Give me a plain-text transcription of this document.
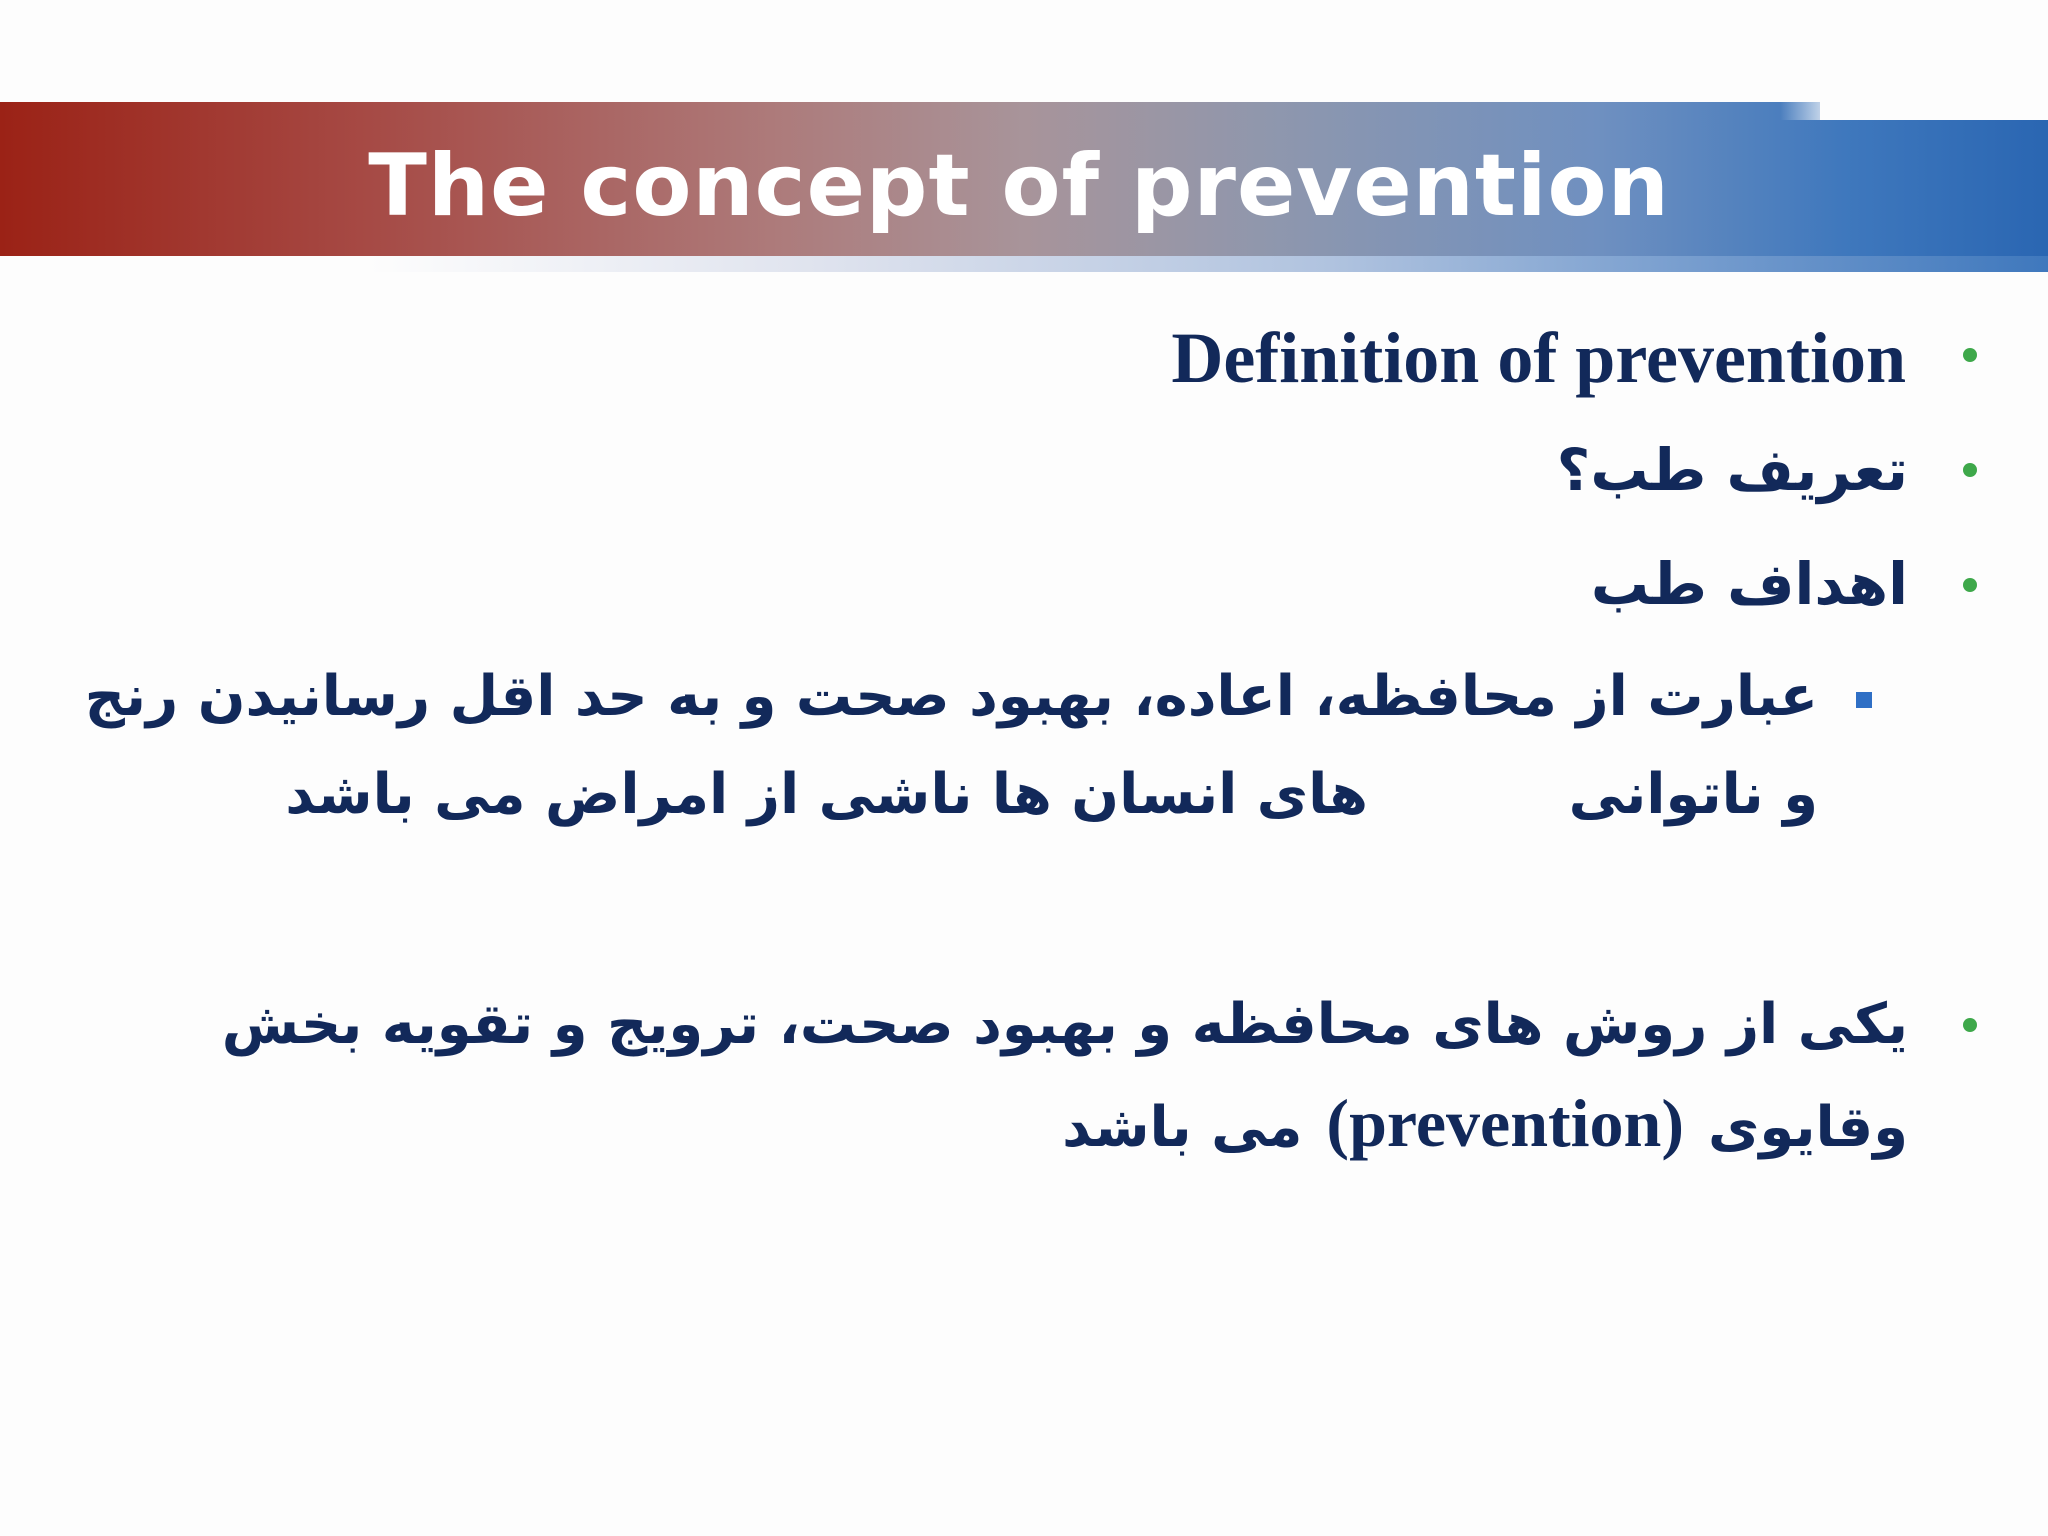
The concept of prevention
Definition of prevention
تعریف طب؟
اهداف طب
عبارت از محافظه، اعاده، بهبود صحت و به حد اقل رسانیدن رنج
و ناتوانی
های انسان ها ناشی از امراض می باشد
یکی از روش های محافظه و بهبود صحت، ترویج و تقویه بخش
وقایوی  (prevention)  می باشد
